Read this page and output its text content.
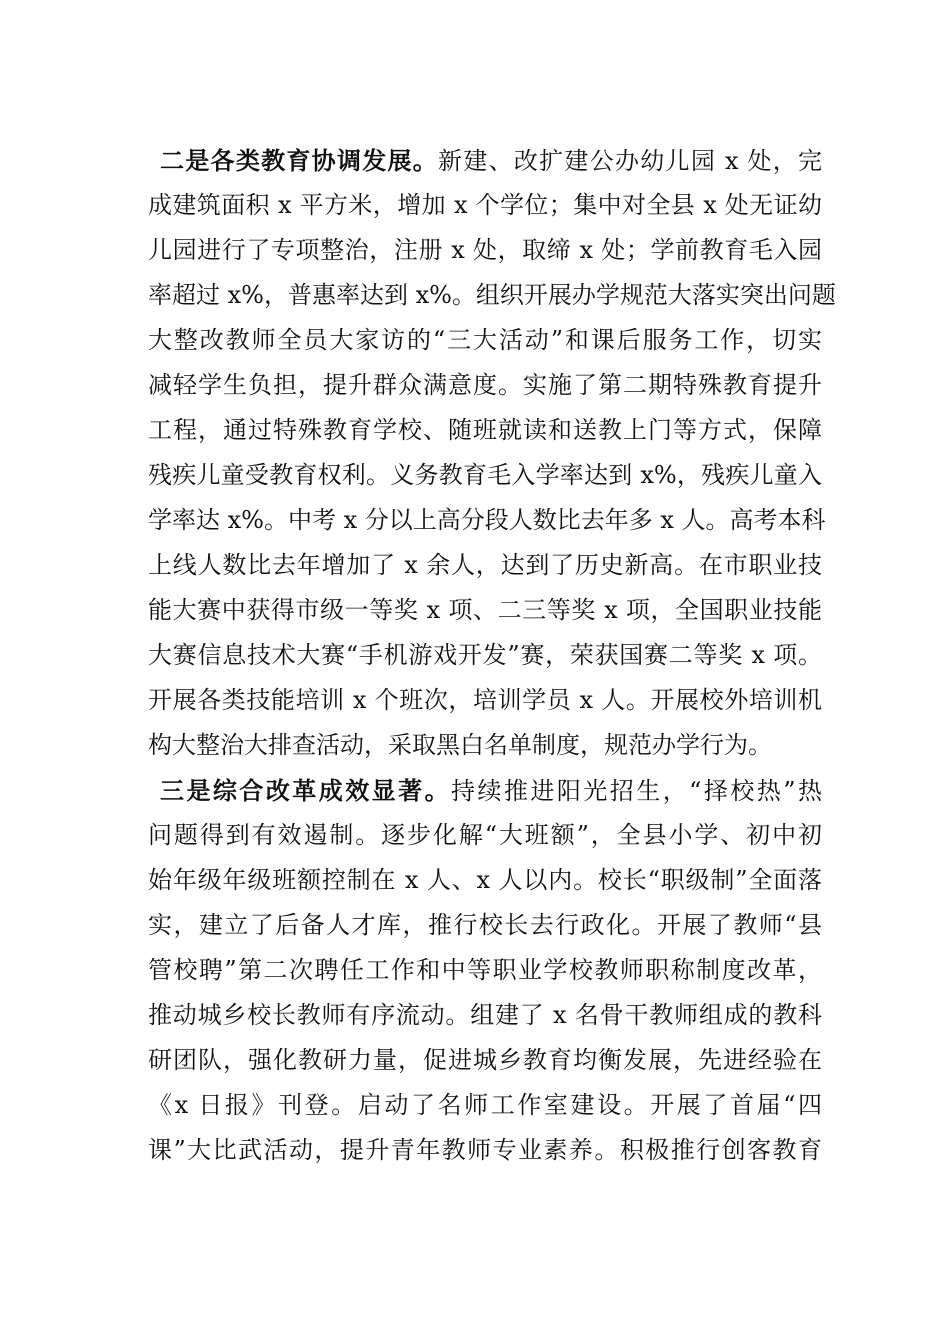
二是各类教育协调发展。新建、改扩建公办幼儿园 x 处，完
成建筑面积 x 平方米，增加 x 个学位；集中对全县 x 处无证幼
儿园进行了专项整治，注册 x 处，取缔 x 处；学前教育毛入园
率超过 x%，普惠率达到 x%。组织开展办学规范大落实突出问题
大整改教师全员大家访的“三大活动”和课后服务工作，切实
减轻学生负担，提升群众满意度。实施了第二期特殊教育提升
工程，通过特殊教育学校、随班就读和送教上门等方式，保障
残疾儿童受教育权利。义务教育毛入学率达到 x%，残疾儿童入
学率达 x%。中考 x 分以上高分段人数比去年多 x 人。高考本科
上线人数比去年增加了 x 余人，达到了历史新高。在市职业技
能大赛中获得市级一等奖 x 项、二三等奖 x 项，全国职业技能
大赛信息技术大赛“手机游戏开发”赛，荣获国赛二等奖 x 项。
开展各类技能培训 x 个班次，培训学员 x 人。开展校外培训机
构大整治大排查活动，采取黑白名单制度，规范办学行为。
三是综合改革成效显著。持续推进阳光招生，“择校热”热
问题得到有效遏制。逐步化解“大班额”，全县小学、初中初
始年级年级班额控制在 x 人、x 人以内。校长“职级制”全面落
实，建立了后备人才库，推行校长去行政化。开展了教师“县
管校聘”第二次聘任工作和中等职业学校教师职称制度改革，
推动城乡校长教师有序流动。组建了 x 名骨干教师组成的教科
研团队，强化教研力量，促进城乡教育均衡发展，先进经验在
《x 日报》刊登。启动了名师工作室建设。开展了首届“四
课”大比武活动，提升青年教师专业素养。积极推行创客教育
